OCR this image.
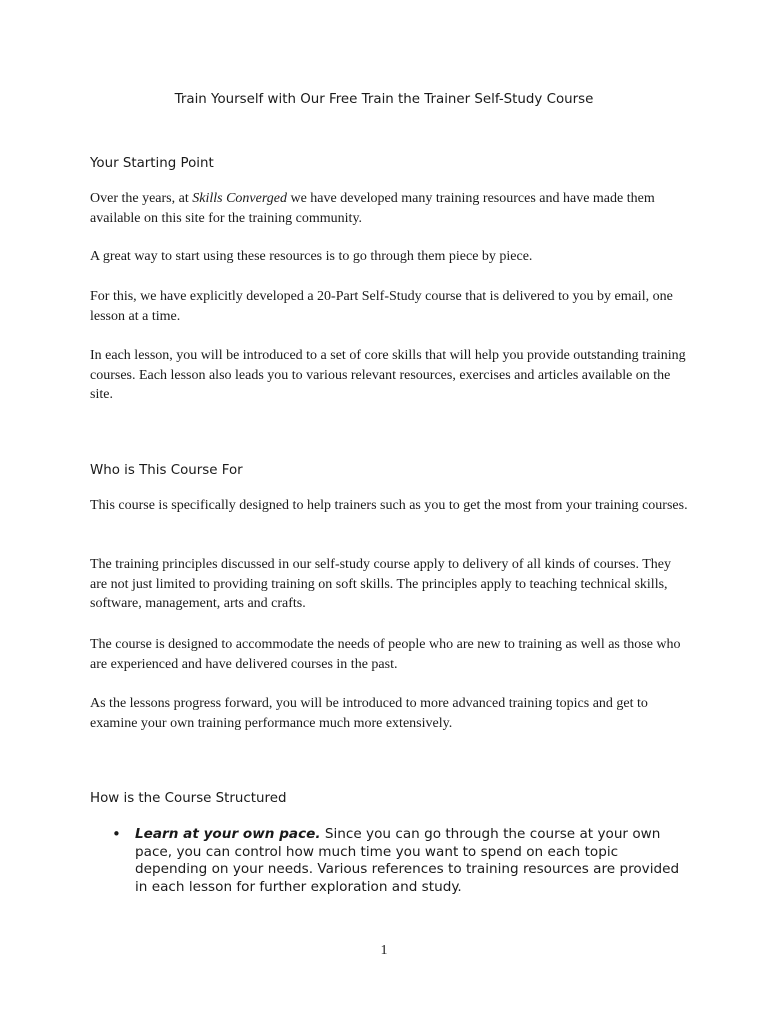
Train Yourself with Our Free Train the Trainer Self-Study Course
Your Starting Point
Over the years, at Skills Converged we have developed many training resources and have made them available on this site for the training community.
A great way to start using these resources is to go through them piece by piece.
For this, we have explicitly developed a 20-Part Self-Study course that is delivered to you by email, one lesson at a time.
In each lesson, you will be introduced to a set of core skills that will help you provide outstanding training courses. Each lesson also leads you to various relevant resources, exercises and articles available on the site.
Who is This Course For
This course is specifically designed to help trainers such as you to get the most from your training courses.
The training principles discussed in our self-study course apply to delivery of all kinds of courses. They are not just limited to providing training on soft skills. The principles apply to teaching technical skills, software, management, arts and crafts.
The course is designed to accommodate the needs of people who are new to training as well as those who are experienced and have delivered courses in the past.
As the lessons progress forward, you will be introduced to more advanced training topics and get to examine your own training performance much more extensively.
How is the Course Structured
• Learn at your own pace. Since you can go through the course at your own pace, you can control how much time you want to spend on each topic depending on your needs. Various references to training resources are provided in each lesson for further exploration and study.
1
